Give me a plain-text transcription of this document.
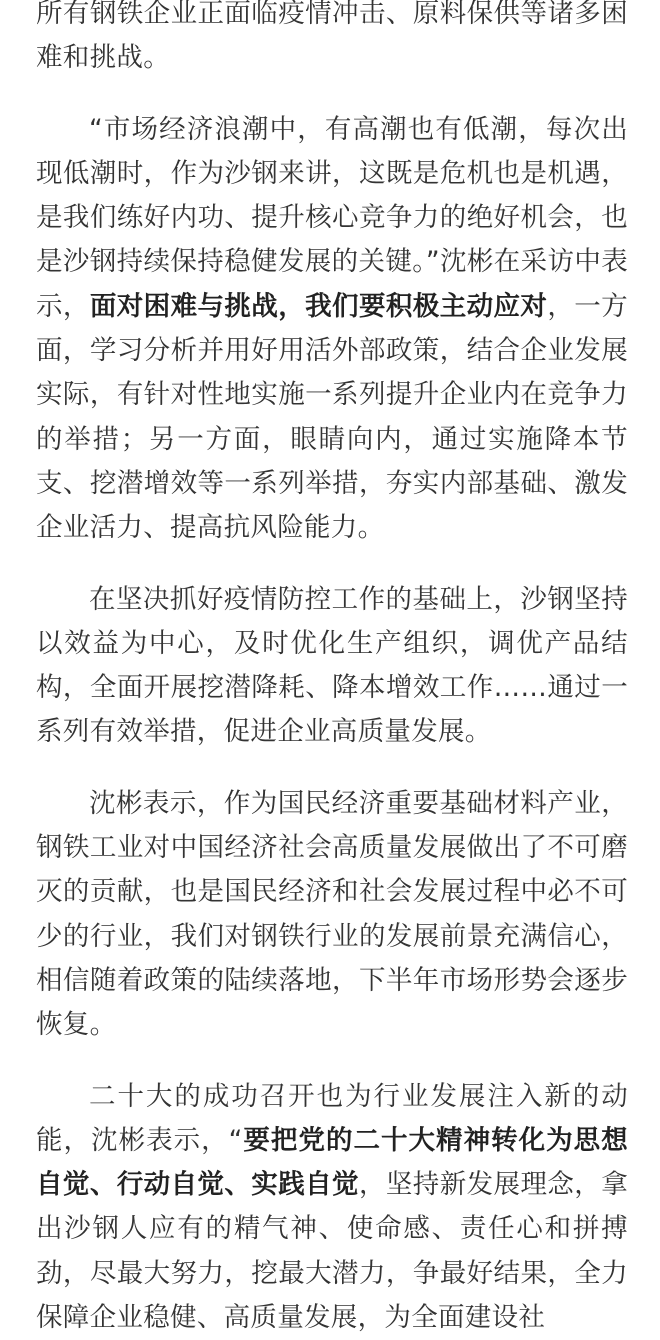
所有钢铁企业正面临疫情冲击、原料保供等诸多困难和挑战。

“市场经济浪潮中，有高潮也有低潮，每次出现低潮时，作为沙钢来讲，这既是危机也是机遇，是我们练好内功、提升核心竞争力的绝好机会，也是沙钢持续保持稳健发展的关键。”沈彬在采访中表示，面对困难与挑战，我们要积极主动应对，一方面，学习分析并用好用活外部政策，结合企业发展实际，有针对性地实施一系列提升企业内在竞争力的举措；另一方面，眼睛向内，通过实施降本节支、挖潜增效等一系列举措，夯实内部基础、激发企业活力、提高抗风险能力。

在坚决抓好疫情防控工作的基础上，沙钢坚持以效益为中心，及时优化生产组织，调优产品结构，全面开展挖潜降耗、降本增效工作……通过一系列有效举措，促进企业高质量发展。

沈彬表示，作为国民经济重要基础材料产业，钢铁工业对中国经济社会高质量发展做出了不可磨灭的贡献，也是国民经济和社会发展过程中必不可少的行业，我们对钢铁行业的发展前景充满信心，相信随着政策的陆续落地，下半年市场形势会逐步恢复。

二十大的成功召开也为行业发展注入新的动能，沈彬表示，“要把党的二十大精神转化为思想自觉、行动自觉、实践自觉，坚持新发展理念，拿出沙钢人应有的精气神、使命感、责任心和拼搏劲，尽最大努力，挖最大潜力，争最好结果，全力保障企业稳健、高质量发展，为全面建设社
